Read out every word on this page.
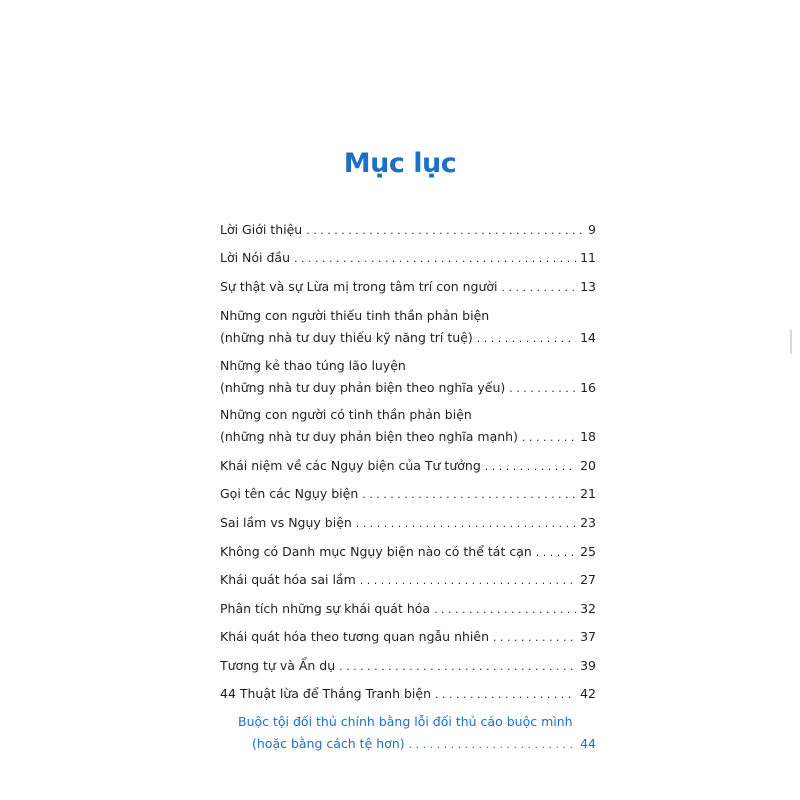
Mục lục
Lời Giới thiệu . . .	9
Lời Nói đầu . . .	11
Sự thật và sự Lừa mị trong tâm trí con người . . .	13
Những con người thiếu tinh thần phản biện
(những nhà tư duy thiếu kỹ năng trí tuệ) . . .	14
Những kẻ thao túng lão luyện
(những nhà tư duy phản biện theo nghĩa yếu) . . .	16
Những con người có tinh thần phản biện
(những nhà tư duy phản biện theo nghĩa mạnh) . . .	18
Khái niệm về các Ngụy biện của Tư tưởng . . .	20
Gọi tên các Ngụy biện . . .	21
Sai lầm vs Ngụy biện . . .	23
Không có Danh mục Ngụy biện nào có thể tát cạn . . .	25
Khái quát hóa sai lầm . . .	27
Phân tích những sự khái quát hóa . . .	32
Khái quát hóa theo tương quan ngẫu nhiên . . .	37
Tương tự và Ẩn dụ . . .	39
44 Thuật lừa để Thắng Tranh biện . . .	42
Buộc tội đối thủ chính bằng lỗi đối thủ cáo buộc mình
(hoặc bằng cách tệ hơn) . . .	44
